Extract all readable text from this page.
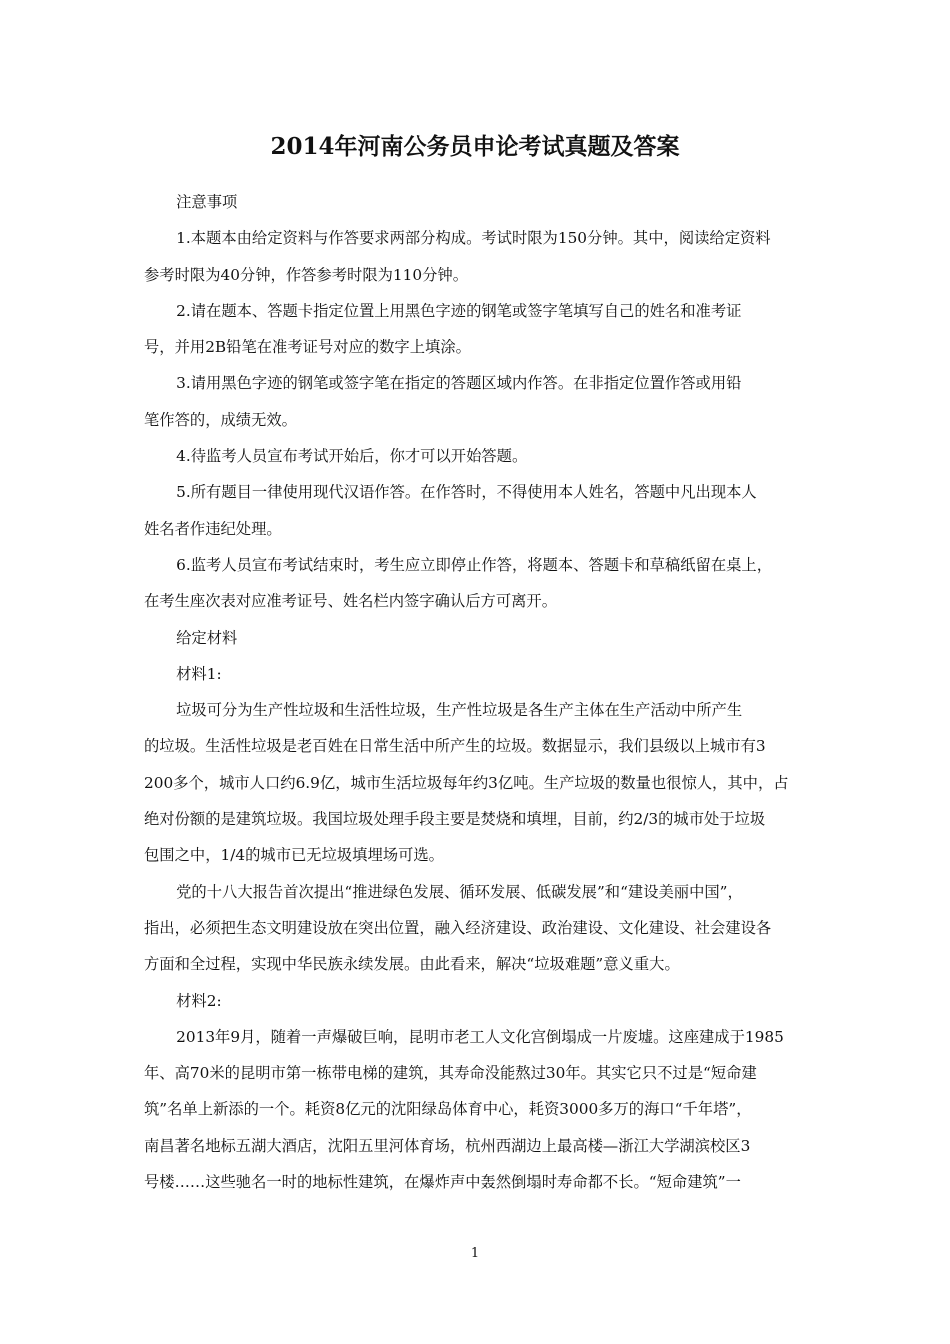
2014年河南公务员申论考试真题及答案

注意事项

1.本题本由给定资料与作答要求两部分构成。考试时限为150分钟。其中，阅读给定资料

参考时限为40分钟，作答参考时限为110分钟。

2.请在题本、答题卡指定位置上用黑色字迹的钢笔或签字笔填写自己的姓名和准考证

号，并用2B铅笔在准考证号对应的数字上填涂。

3.请用黑色字迹的钢笔或签字笔在指定的答题区域内作答。在非指定位置作答或用铅

笔作答的，成绩无效。

4.待监考人员宣布考试开始后，你才可以开始答题。

5.所有题目一律使用现代汉语作答。在作答时，不得使用本人姓名，答题中凡出现本人

姓名者作违纪处理。

6.监考人员宣布考试结束时，考生应立即停止作答，将题本、答题卡和草稿纸留在桌上，

在考生座次表对应准考证号、姓名栏内签字确认后方可离开。

给定材料

材料1:

垃圾可分为生产性垃圾和生活性垃圾，生产性垃圾是各生产主体在生产活动中所产生

的垃圾。生活性垃圾是老百姓在日常生活中所产生的垃圾。数据显示，我们县级以上城市有3

200多个，城市人口约6.9亿，城市生活垃圾每年约3亿吨。生产垃圾的数量也很惊人，其中，占

绝对份额的是建筑垃圾。我国垃圾处理手段主要是焚烧和填埋，目前，约2/3的城市处于垃圾

包围之中，1/4的城市已无垃圾填埋场可选。

党的十八大报告首次提出“推进绿色发展、循环发展、低碳发展”和“建设美丽中国”，

指出，必须把生态文明建设放在突出位置，融入经济建设、政治建设、文化建设、社会建设各

方面和全过程，实现中华民族永续发展。由此看来，解决“垃圾难题”意义重大。

材料2:

2013年9月，随着一声爆破巨响，昆明市老工人文化宫倒塌成一片废墟。这座建成于1985

年、高70米的昆明市第一栋带电梯的建筑，其寿命没能熬过30年。其实它只不过是“短命建

筑”名单上新添的一个。耗资8亿元的沈阳绿岛体育中心，耗资3000多万的海口“千年塔”，

南昌著名地标五湖大酒店，沈阳五里河体育场，杭州西湖边上最高楼—浙江大学湖滨校区3

号楼……这些驰名一时的地标性建筑，在爆炸声中轰然倒塌时寿命都不长。“短命建筑”一

1
